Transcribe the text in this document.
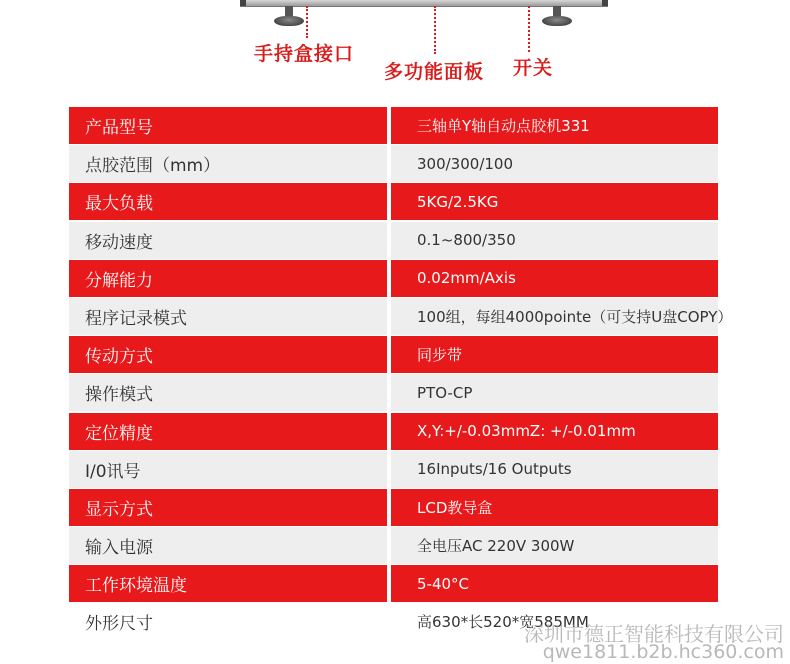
手持盒接口
多功能面板 开关
产品型号	三轴单Y轴自动点胶机331
点胶范围（mm）	300/300/100
最大负载	5KG/2.5KG
移动速度	0.1~800/350
分解能力	0.02mm/Axis
程序记录模式	100组，每组4000pointe（可支持U盘COPY）
传动方式	同步带
操作模式	PTO-CP
定位精度	X,Y:+/-0.03mmZ: +/-0.01mm
I/0讯号	16Inputs/16 Outputs
显示方式	LCD教导盒
输入电源	全电压AC 220V 300W
工作环境温度	5-40°C
外形尺寸	高630*长520*宽585MM
深圳市德正智能科技有限公司
qwe1811.b2b.hc360.com
